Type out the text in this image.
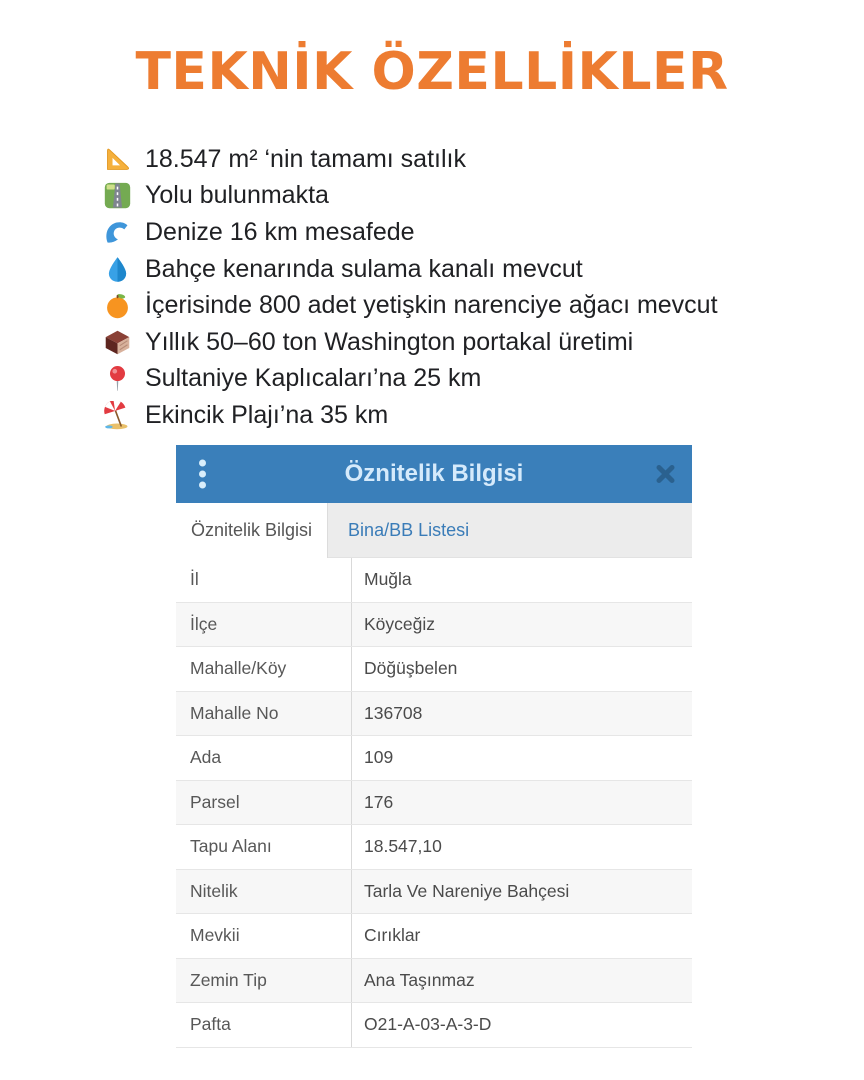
TEKNİK ÖZELLİKLER
18.547 m² ‘nin tamamı satılık
Yolu bulunmakta
Denize 16 km mesafede
Bahçe kenarında sulama kanalı mevcut
İçerisinde 800 adet yetişkin narenciye ağacı mevcut
Yıllık 50–60 ton Washington portakal üretimi
Sultaniye Kaplıcaları’na 25 km
Ekincik Plajı’na 35 km
Öznitelik Bilgisi
Öznitelik Bilgisi Bina/BB Listesi
İl	Muğla
İlçe	Köyceğiz
Mahalle/Köy	Döğüşbelen
Mahalle No	136708
Ada	109
Parsel	176
Tapu Alanı	18.547,10
Nitelik	Tarla Ve Nareniye Bahçesi
Mevkii	Cırıklar
Zemin Tip	Ana Taşınmaz
Pafta	O21-A-03-A-3-D
